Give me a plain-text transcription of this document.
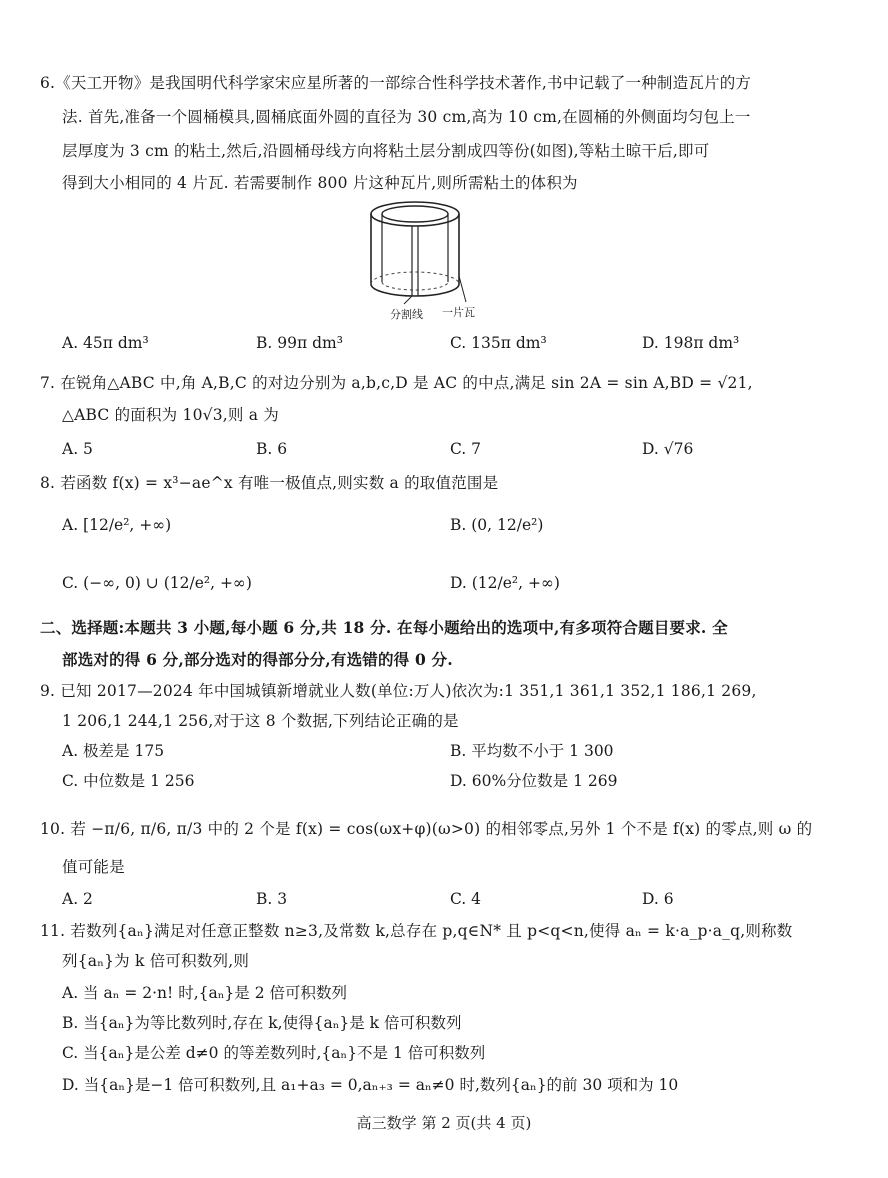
6.《天工开物》是我国明代科学家宋应星所著的一部综合性科学技术著作,书中记载了一种制造瓦片的方
法. 首先,准备一个圆桶模具,圆桶底面外圆的直径为 30 cm,高为 10 cm,在圆桶的外侧面均匀包上一
层厚度为 3 cm 的粘土,然后,沿圆桶母线方向将粘土层分割成四等份(如图),等粘土晾干后,即可
得到大小相同的 4 片瓦. 若需要制作 800 片这种瓦片,则所需粘土的体积为
分割线 一片瓦
A. 45π dm³	B. 99π dm³	C. 135π dm³	D. 198π dm³
7. 在锐角△ABC 中,角 A,B,C 的对边分别为 a,b,c,D 是 AC 的中点,满足 sin 2A = sin A,BD = √21,
△ABC 的面积为 10√3,则 a 为
A. 5	B. 6	C. 7	D. √76
8. 若函数 f(x) = x³−ae^x 有唯一极值点,则实数 a 的取值范围是
A. [12/e², +∞)	B. (0, 12/e²)
C. (−∞, 0) ∪ (12/e², +∞)	D. (12/e², +∞)
二、选择题:本题共 3 小题,每小题 6 分,共 18 分. 在每小题给出的选项中,有多项符合题目要求. 全
部选对的得 6 分,部分选对的得部分分,有选错的得 0 分.
9. 已知 2017—2024 年中国城镇新增就业人数(单位:万人)依次为:1 351,1 361,1 352,1 186,1 269,
1 206,1 244,1 256,对于这 8 个数据,下列结论正确的是
A. 极差是 175	B. 平均数不小于 1 300
C. 中位数是 1 256	D. 60%分位数是 1 269
10. 若 −π/6, π/6, π/3 中的 2 个是 f(x) = cos(ωx+φ)(ω>0) 的相邻零点,另外 1 个不是 f(x) 的零点,则 ω 的
值可能是
A. 2	B. 3	C. 4	D. 6
11. 若数列{aₙ}满足对任意正整数 n≥3,及常数 k,总存在 p,q∈N* 且 p<q<n,使得 aₙ = k·a_p·a_q,则称数
列{aₙ}为 k 倍可积数列,则
A. 当 aₙ = 2·n! 时,{aₙ}是 2 倍可积数列
B. 当{aₙ}为等比数列时,存在 k,使得{aₙ}是 k 倍可积数列
C. 当{aₙ}是公差 d≠0 的等差数列时,{aₙ}不是 1 倍可积数列
D. 当{aₙ}是−1 倍可积数列,且 a₁+a₃ = 0,aₙ₊₃ = aₙ≠0 时,数列{aₙ}的前 30 项和为 10
高三数学 第 2 页(共 4 页)
